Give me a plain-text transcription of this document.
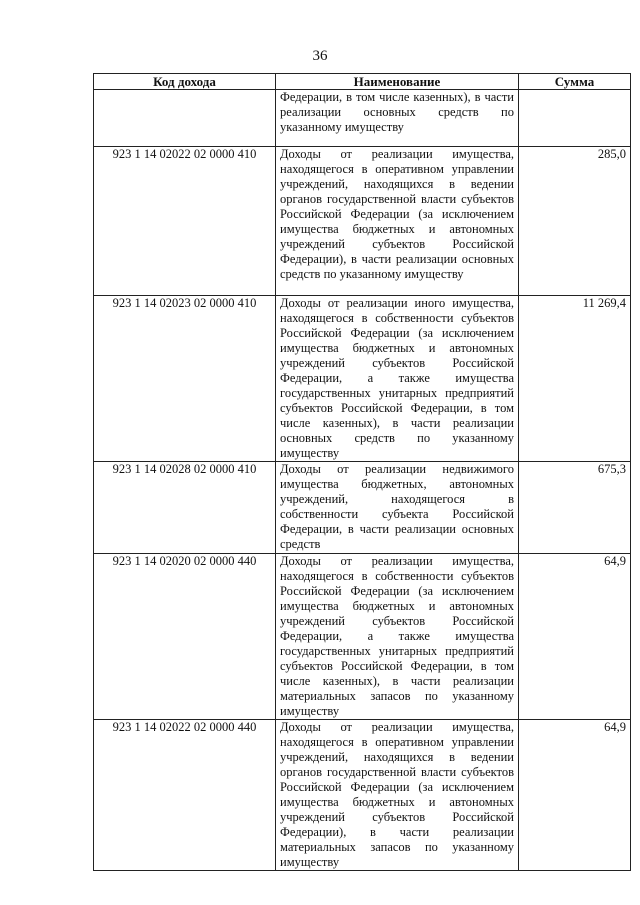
36
Код дохода	Наименование	Сумма
	Федерации, в том числе казенных), в части реализации основных средств по указанному имуществу	
923 1 14 02022 02 0000 410	Доходы от реализации имущества, находящегося в оперативном управлении учреждений, находящихся в ведении органов государственной власти субъектов Российской Федерации (за исключением имущества бюджетных и автономных учреждений субъектов Российской Федерации), в части реализации основных средств по указанному имуществу	285,0
923 1 14 02023 02 0000 410	Доходы от реализации иного имущества, находящегося в собственности субъектов Российской Федерации (за исключением имущества бюджетных и автономных учреждений субъектов Российской Федерации, а также имущества государственных унитарных предприятий субъектов Российской Федерации, в том числе казенных), в части реализации основных средств по указанному имуществу	11 269,4
923 1 14 02028 02 0000 410	Доходы от реализации недвижимого имущества бюджетных, автономных учреждений, находящегося в собственности субъекта Российской Федерации, в части реализации основных средств	675,3
923 1 14 02020 02 0000 440	Доходы от реализации имущества, находящегося в собственности субъектов Российской Федерации (за исключением имущества бюджетных и автономных учреждений субъектов Российской Федерации, а также имущества государственных унитарных предприятий субъектов Российской Федерации, в том числе казенных), в части реализации материальных запасов по указанному имуществу	64,9
923 1 14 02022 02 0000 440	Доходы от реализации имущества, находящегося в оперативном управлении учреждений, находящихся в ведении органов государственной власти субъектов Российской Федерации (за исключением имущества бюджетных и автономных учреждений субъектов Российской Федерации), в части реализации материальных запасов по указанному имуществу	64,9
